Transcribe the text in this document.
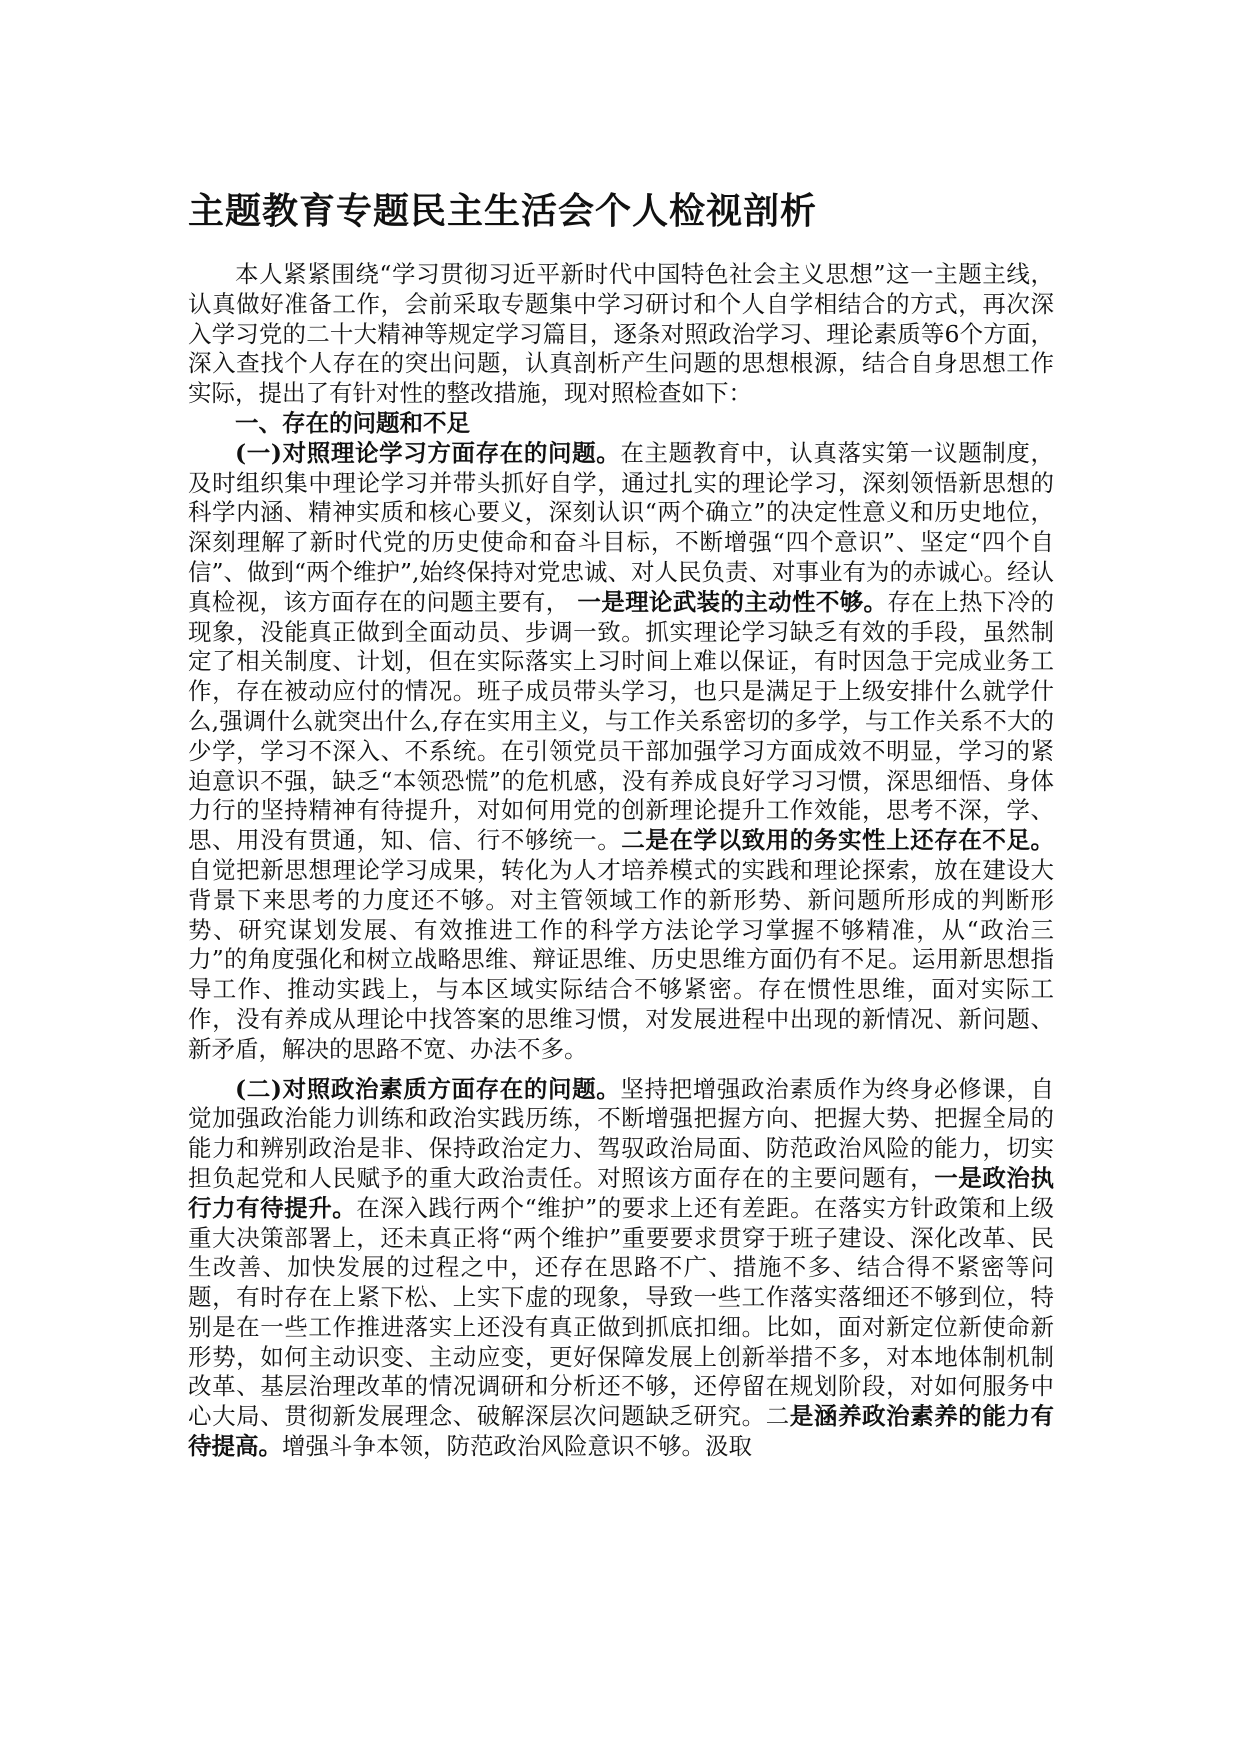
主题教育专题民主生活会个人检视剖析

本人紧紧围绕“学习贯彻习近平新时代中国特色社会主义思想”这一主题主线，认真做好准备工作，会前采取专题集中学习研讨和个人自学相结合的方式，再次深入学习党的二十大精神等规定学习篇目，逐条对照政治学习、理论素质等6个方面，深入查找个人存在的突出问题，认真剖析产生问题的思想根源，结合自身思想工作实际，提出了有针对性的整改措施，现对照检查如下：

一、存在的问题和不足

(一)对照理论学习方面存在的问题。在主题教育中，认真落实第一议题制度，及时组织集中理论学习并带头抓好自学，通过扎实的理论学习，深刻领悟新思想的科学内涵、精神实质和核心要义，深刻认识“两个确立”的决定性意义和历史地位，深刻理解了新时代党的历史使命和奋斗目标，不断增强“四个意识”、坚定“四个自信”、做到“两个维护”,始终保持对党忠诚、对人民负责、对事业有为的赤诚心。经认真检视，该方面存在的问题主要有， 一是理论武装的主动性不够。存在上热下冷的现象，没能真正做到全面动员、步调一致。抓实理论学习缺乏有效的手段，虽然制定了相关制度、计划，但在实际落实上习时间上难以保证，有时因急于完成业务工作，存在被动应付的情况。班子成员带头学习，也只是满足于上级安排什么就学什么,强调什么就突出什么,存在实用主义，与工作关系密切的多学，与工作关系不大的少学，学习不深入、不系统。在引领党员干部加强学习方面成效不明显，学习的紧迫意识不强，缺乏“本领恐慌”的危机感，没有养成良好学习习惯，深思细悟、身体力行的坚持精神有待提升，对如何用党的创新理论提升工作效能，思考不深，学、思、用没有贯通，知、信、行不够统一。二是在学以致用的务实性上还存在不足。自觉把新思想理论学习成果，转化为人才培养模式的实践和理论探索，放在建设大背景下来思考的力度还不够。对主管领域工作的新形势、新问题所形成的判断形势、研究谋划发展、有效推进工作的科学方法论学习掌握不够精准，从“政治三力”的角度强化和树立战略思维、辩证思维、历史思维方面仍有不足。运用新思想指导工作、推动实践上，与本区域实际结合不够紧密。存在惯性思维，面对实际工作，没有养成从理论中找答案的思维习惯，对发展进程中出现的新情况、新问题、新矛盾，解决的思路不宽、办法不多。

(二)对照政治素质方面存在的问题。坚持把增强政治素质作为终身必修课，自觉加强政治能力训练和政治实践历练，不断增强把握方向、把握大势、把握全局的能力和辨别政治是非、保持政治定力、驾驭政治局面、防范政治风险的能力，切实担负起党和人民赋予的重大政治责任。对照该方面存在的主要问题有，一是政治执行力有待提升。在深入践行两个“维护”的要求上还有差距。在落实方针政策和上级重大决策部署上，还未真正将“两个维护”重要要求贯穿于班子建设、深化改革、民生改善、加快发展的过程之中，还存在思路不广、措施不多、结合得不紧密等问题，有时存在上紧下松、上实下虚的现象，导致一些工作落实落细还不够到位，特别是在一些工作推进落实上还没有真正做到抓底扣细。比如，面对新定位新使命新形势，如何主动识变、主动应变，更好保障发展上创新举措不多，对本地体制机制改革、基层治理改革的情况调研和分析还不够，还停留在规划阶段，对如何服务中心大局、贯彻新发展理念、破解深层次问题缺乏研究。二是涵养政治素养的能力有待提高。增强斗争本领，防范政治风险意识不够。汲取
